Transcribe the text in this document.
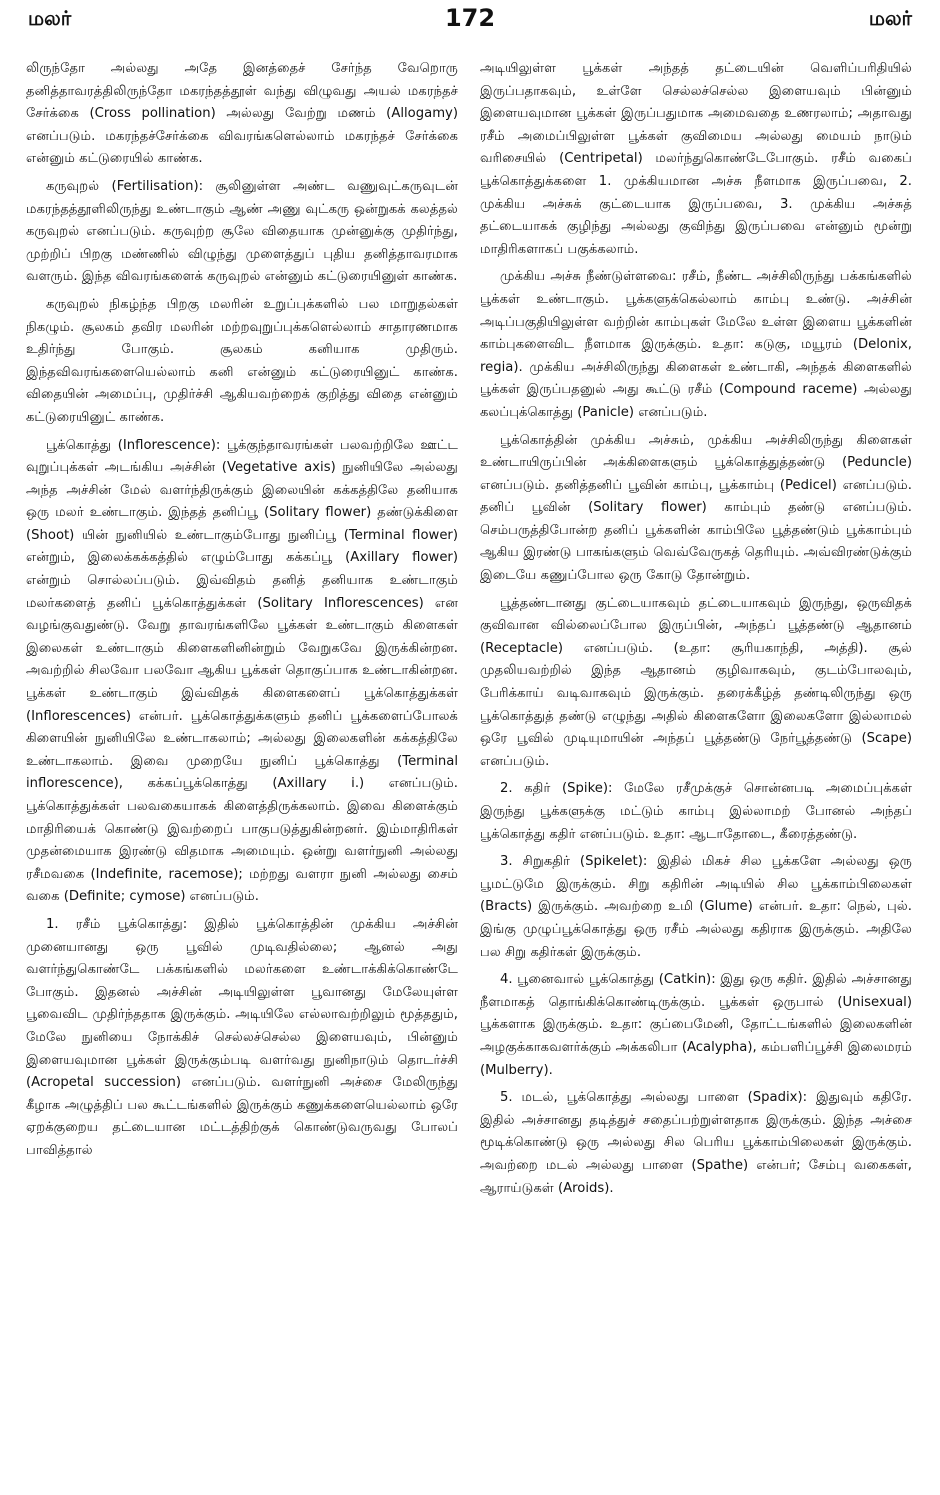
மலர்	172	மலர்

லிருந்தோ அல்லது அதே இனத்தைச் சேர்ந்த வேறொரு தனித்தாவரத்திலிருந்தோ மகரந்தத்தூள் வந்து விழுவது அயல் மகரந்தச் சேர்க்கை (Cross pollination) அல்லது வேற்று மணம் (Allogamy) எனப்படும். மகரந்தச்சேர்க்கை விவரங்களெல்லாம் மகரந்தச் சேர்க்கை என்னும் கட்டுரையில் காண்க.

கருவுறல் (Fertilisation): சூலினுள்ள அண்ட வணுவுட்கருவுடன் மகரந்தத்தூளிலிருந்து உண்டாகும் ஆண் அணு வுட்கரு ஒன்றுகக் கலத்தல் கருவுறல் எனப்படும். கருவுற்ற சூலே விதையாக முன்னுக்கு முதிர்ந்து, முற்றிப் பிறகு மண்ணில் விழுந்து முளைத்துப் புதிய தனித்தாவரமாக வளரும். இந்த விவரங்களைக் கருவுறல் என்னும் கட்டுரையினுள் காண்க.

கருவுறல் நிகழ்ந்த பிறகு மலரின் உறுப்புக்களில் பல மாறுதல்கள் நிகழும். சூலகம் தவிர மலரின் மற்றவுறுப்புக்களெல்லாம் சாதாரணமாக உதிர்ந்து போகும். சூலகம் கனியாக முதிரும். இந்தவிவரங்களையெல்லாம் கனி என்னும் கட்டுரையினுட் காண்க. விதையின் அமைப்பு, முதிர்ச்சி ஆகியவற்றைக் குறித்து விதை என்னும் கட்டுரையினுட் காண்க.

பூக்கொத்து (Inflorescence): பூக்குந்தாவரங்கள் பலவற்றிலே ஊட்ட வுறுப்புக்கள் அடங்கிய அச்சின் (Vegetative axis) நுனியிலே அல்லது அந்த அச்சின் மேல் வளர்ந்திருக்கும் இலையின் கக்கத்திலே தனியாக ஒரு மலர் உண்டாகும். இந்தத் தனிப்பூ (Solitary flower) தண்டுக்கிளை (Shoot) யின் நுனியில் உண்டாகும்போது நுனிப்பூ (Terminal flower) என்றும், இலைக்கக்கத்தில் எழும்போது கக்கப்பூ (Axillary flower) என்றும் சொல்லப்படும். இவ்விதம் தனித் தனியாக உண்டாகும் மலர்களைத் தனிப் பூக்கொத்துக்கள் (Solitary Inflorescences) என வழங்குவதுண்டு. வேறு தாவரங்களிலே பூக்கள் உண்டாகும் கிளைகள் இலைகள் உண்டாகும் கிளைகளினின்றும் வேறுகவே இருக்கின்றன. அவற்றில் சிலவோ பலவோ ஆகிய பூக்கள் தொகுப்பாக உண்டாகின்றன. பூக்கள் உண்டாகும் இவ்விதக் கிளைகளைப் பூக்கொத்துக்கள் (Inflorescences) என்பர். பூக்கொத்துக்களும் தனிப் பூக்களைப்போலக் கிளையின் நுனியிலே உண்டாகலாம்; அல்லது இலைகளின் கக்கத்திலே உண்டாகலாம். இவை முறையே நுனிப் பூக்கொத்து (Terminal inflorescence), கக்கப்பூக்கொத்து (Axillary i.) எனப்படும். பூக்கொத்துக்கள் பலவகையாகக் கிளைத்திருக்கலாம். இவை கிளைக்கும் மாதிரியைக் கொண்டு இவற்றைப் பாகுபடுத்துகின்றனர். இம்மாதிரிகள் முதன்மையாக இரண்டு விதமாக அமையும். ஒன்று வளர்நுனி அல்லது ரசீமவகை (Indefinite, racemose); மற்றது வளரா நுனி அல்லது சைம் வகை (Definite; cymose) எனப்படும்.

1. ரசீம் பூக்கொத்து: இதில் பூக்கொத்தின் முக்கிய அச்சின் முனையானது ஒரு பூவில் முடிவதில்லை; ஆனல் அது வளர்ந்துகொண்டே பக்கங்களில் மலர்களை உண்டாக்கிக்கொண்டே போகும். இதனல் அச்சின் அடியிலுள்ள பூவானது மேலேயுள்ள பூவைவிட முதிர்ந்ததாக இருக்கும். அடியிலே எல்லாவற்றிலும் மூத்ததும், மேலே நுனியை நோக்கிச் செல்லச்செல்ல இளையவும், பின்னும் இளையவுமான பூக்கள் இருக்கும்படி வளர்வது நுனிநாடும் தொடர்ச்சி (Acropetal succession) எனப்படும். வளர்நுனி அச்சை மேலிருந்து கீழாக அழுத்திப் பல கூட்டங்களில் இருக்கும் கணுக்களையெல்லாம் ஒரே ஏறக்குறைய தட்டையான மட்டத்திற்குக் கொண்டுவருவது போலப் பாவித்தால்

அடியிலுள்ள பூக்கள் அந்தத் தட்டையின் வெளிப்பரிதியில் இருப்பதாகவும், உள்ளே செல்லச்செல்ல இளையவும் பின்னும் இளையவுமான பூக்கள் இருப்பதுமாக அமைவதை உணரலாம்; அதாவது ரசீம் அமைப்பிலுள்ள பூக்கள் குவிமைய அல்லது மையம் நாடும் வரிசையில் (Centripetal) மலர்ந்துகொண்டேபோகும். ரசீம் வகைப் பூக்கொத்துக்களை 1. முக்கியமான அச்சு நீளமாக இருப்பவை, 2. முக்கிய அச்சுக் குட்டையாக இருப்பவை, 3. முக்கிய அச்சுத் தட்டையாகக் குழிந்து அல்லது குவிந்து இருப்பவை என்னும் மூன்று மாதிரிகளாகப் பகுக்கலாம்.

முக்கிய அச்சு நீண்டுள்ளவை: ரசீம், நீண்ட அச்சிலிருந்து பக்கங்களில் பூக்கள் உண்டாகும். பூக்களுக்கெல்லாம் காம்பு உண்டு. அச்சின் அடிப்பகுதியிலுள்ள வற்றின் காம்புகள் மேலே உள்ள இளைய பூக்களின் காம்புகளைவிட நீளமாக இருக்கும். உதா: கடுகு, மயூரம் (Delonix, regia). முக்கிய அச்சிலிருந்து கிளைகள் உண்டாகி, அந்தக் கிளைகளில் பூக்கள் இருப்பதனுல் அது கூட்டு ரசீம் (Compound raceme) அல்லது கலப்புக்கொத்து (Panicle) எனப்படும்.

பூக்கொத்தின் முக்கிய அச்சும், முக்கிய அச்சிலிருந்து கிளைகள் உண்டாயிருப்பின் அக்கிளைகளும் பூக்கொத்துத்தண்டு (Peduncle) எனப்படும். தனித்தனிப் பூவின் காம்பு, பூக்காம்பு (Pedicel) எனப்படும். தனிப் பூவின் (Solitary flower) காம்பும் தண்டு எனப்படும். செம்பருத்திபோன்ற தனிப் பூக்களின் காம்பிலே பூத்தண்டும் பூக்காம்பும் ஆகிய இரண்டு பாகங்களும் வெவ்வேருகத் தெரியும். அவ்விரண்டுக்கும் இடையே கணுப்போல ஒரு கோடு தோன்றும்.

பூத்தண்டானது குட்டையாகவும் தட்டையாகவும் இருந்து, ஒருவிதக் குவிவான வில்லைப்போல இருப்பின், அந்தப் பூத்தண்டு ஆதானம் (Receptacle) எனப்படும். (உதா: சூரியகாந்தி, அத்தி). சூல் முதலியவற்றில் இந்த ஆதானம் குழிவாகவும், குடம்போலவும், பேரிக்காய் வடிவாகவும் இருக்கும். தரைக்கீழ்த் தண்டிலிருந்து ஒரு பூக்கொத்துத் தண்டு எழுந்து அதில் கிளைகளோ இலைகளோ இல்லாமல் ஒரே பூவில் முடியுமாயின் அந்தப் பூத்தண்டு நேர்பூத்தண்டு (Scape) எனப்படும்.

2. கதிர் (Spike): மேலே ரசீமுக்குச் சொன்னபடி அமைப்புக்கள் இருந்து பூக்களுக்கு மட்டும் காம்பு இல்லாமற் போனல் அந்தப் பூக்கொத்து கதிர் எனப்படும். உதா: ஆடாதோடை, கீரைத்தண்டு.

3. சிறுகதிர் (Spikelet): இதில் மிகச் சில பூக்களே அல்லது ஒரு பூமட்டுமே இருக்கும். சிறு கதிரின் அடியில் சில பூக்காம்பிலைகள் (Bracts) இருக்கும். அவற்றை உமி (Glume) என்பர். உதா: நெல், புல். இங்கு முழுப்பூக்கொத்து ஒரு ரசீம் அல்லது கதிராக இருக்கும். அதிலே பல சிறு கதிர்கள் இருக்கும்.

4. பூனைவால் பூக்கொத்து (Catkin): இது ஒரு கதிர். இதில் அச்சானது நீளமாகத் தொங்கிக்கொண்டிருக்கும். பூக்கள் ஒருபால் (Unisexual) பூக்களாக இருக்கும். உதா: குப்பைமேனி, தோட்டங்களில் இலைகளின் அழகுக்காகவளர்க்கும் அக்கலிபா (Acalypha), கம்பளிப்பூச்சி இலைமரம் (Mulberry).

5. மடல், பூக்கொத்து அல்லது பாளை (Spadix): இதுவும் கதிரே. இதில் அச்சானது தடித்துச் சதைப்பற்றுள்ளதாக இருக்கும். இந்த அச்சை மூடிக்கொண்டு ஒரு அல்லது சில பெரிய பூக்காம்பிலைகள் இருக்கும். அவற்றை மடல் அல்லது பாளை (Spathe) என்பர்; சேம்பு வகைகள், ஆராய்டுகள் (Aroids).
